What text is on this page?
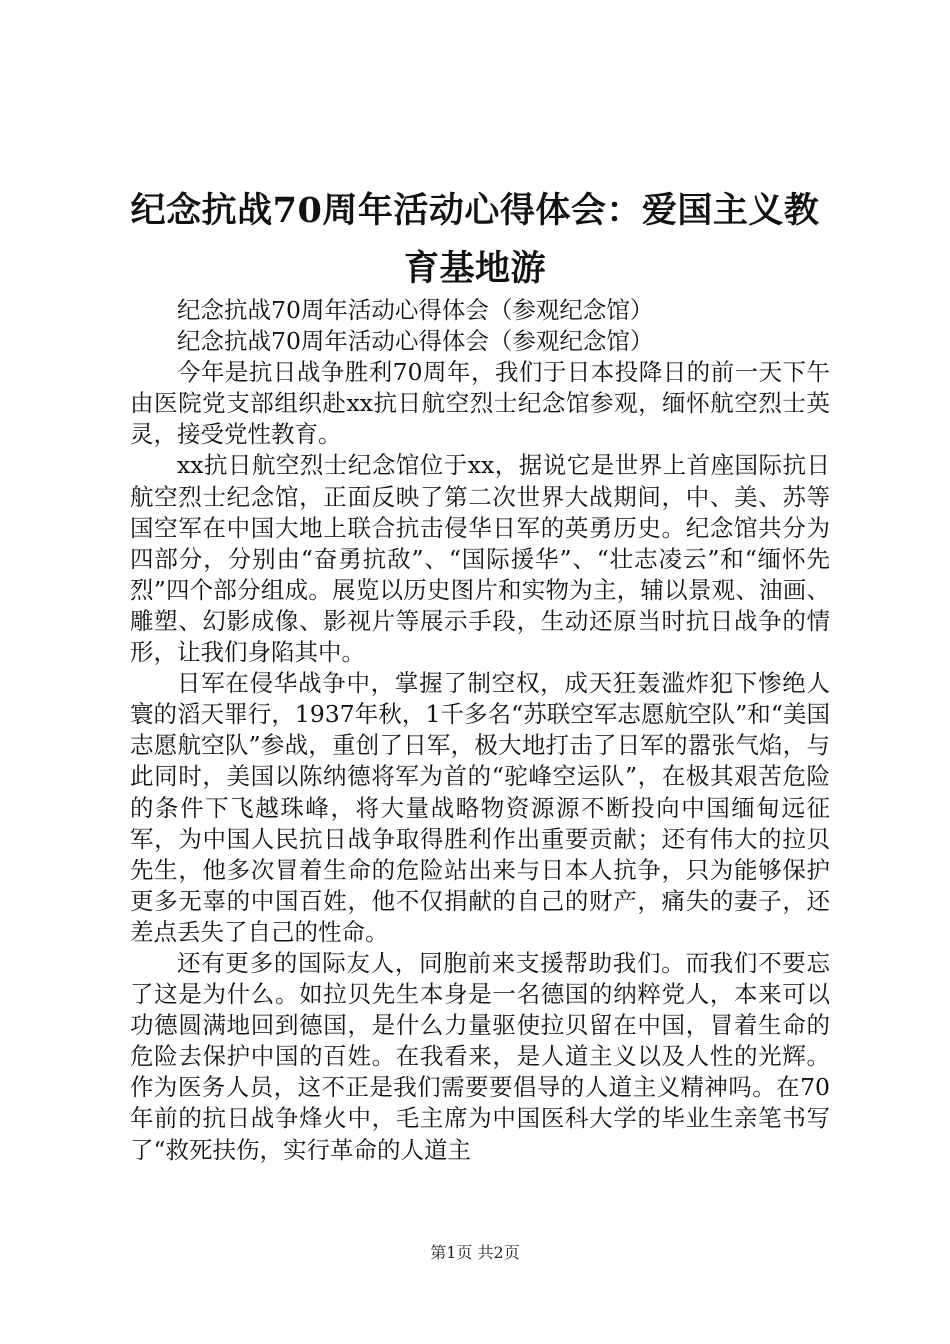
纪念抗战70周年活动心得体会：爱国主义教
育基地游

纪念抗战70周年活动心得体会（参观纪念馆）

纪念抗战70周年活动心得体会（参观纪念馆）

今年是抗日战争胜利70周年，我们于日本投降日的前一天下午由医院党支部组织赴xx抗日航空烈士纪念馆参观，缅怀航空烈士英灵，接受党性教育。

xx抗日航空烈士纪念馆位于xx，据说它是世界上首座国际抗日航空烈士纪念馆，正面反映了第二次世界大战期间，中、美、苏等国空军在中国大地上联合抗击侵华日军的英勇历史。纪念馆共分为四部分，分别由“奋勇抗敌”、“国际援华”、“壮志凌云”和“缅怀先烈”四个部分组成。展览以历史图片和实物为主，辅以景观、油画、雕塑、幻影成像、影视片等展示手段，生动还原当时抗日战争的情形，让我们身陷其中。

日军在侵华战争中，掌握了制空权，成天狂轰滥炸犯下惨绝人寰的滔天罪行，1937年秋，1千多名“苏联空军志愿航空队”和“美国志愿航空队”参战，重创了日军，极大地打击了日军的嚣张气焰，与此同时，美国以陈纳德将军为首的“驼峰空运队”，在极其艰苦危险的条件下飞越珠峰，将大量战略物资源源不断投向中国缅甸远征军，为中国人民抗日战争取得胜利作出重要贡献；还有伟大的拉贝先生，他多次冒着生命的危险站出来与日本人抗争，只为能够保护更多无辜的中国百姓，他不仅捐献的自己的财产，痛失的妻子，还差点丢失了自己的性命。

还有更多的国际友人，同胞前来支援帮助我们。而我们不要忘了这是为什么。如拉贝先生本身是一名德国的纳粹党人，本来可以功德圆满地回到德国，是什么力量驱使拉贝留在中国，冒着生命的危险去保护中国的百姓。在我看来，是人道主义以及人性的光辉。作为医务人员，这不正是我们需要要倡导的人道主义精神吗。在70年前的抗日战争烽火中，毛主席为中国医科大学的毕业生亲笔书写了“救死扶伤，实行革命的人道主

第1页 共2页
